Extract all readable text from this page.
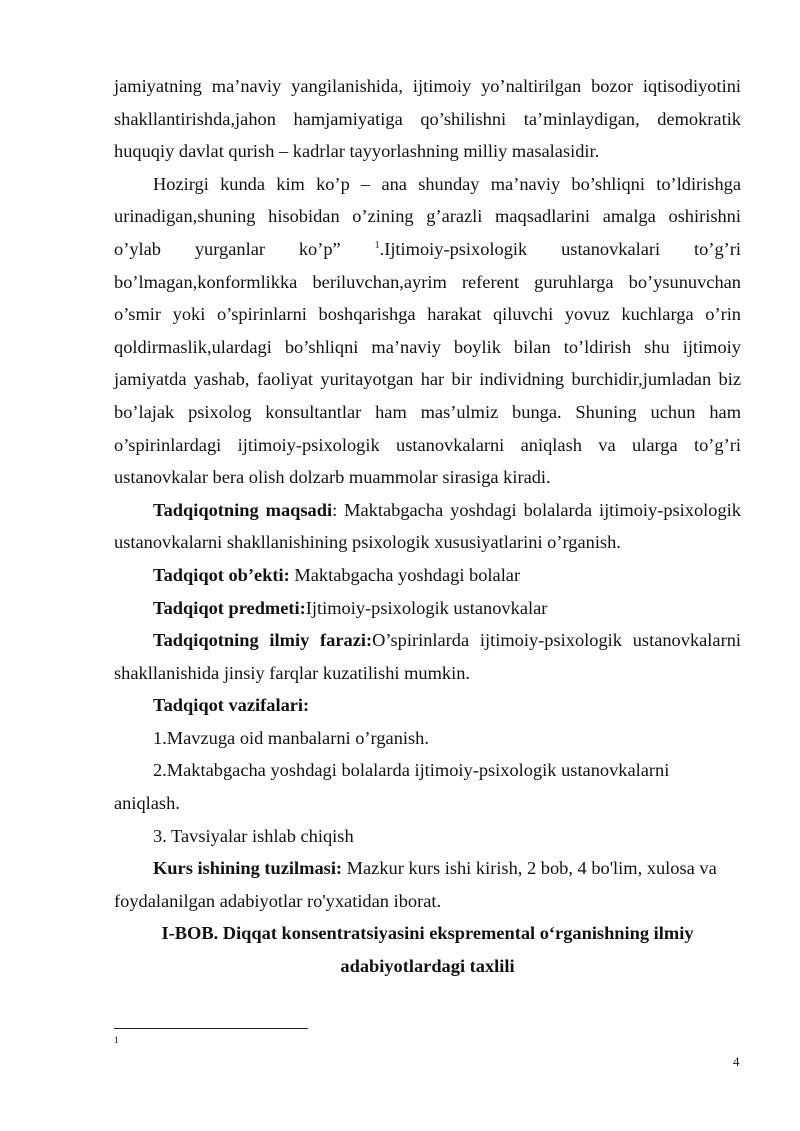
jamiyatning ma’naviy yangilanishida, ijtimoiy yo’naltirilgan bozor iqtisodiyotini shakllantirishda,jahon hamjamiyatiga qo’shilishni ta’minlaydigan, demokratik huquqiy davlat qurish – kadrlar tayyorlashning milliy masalasidir.

Hozirgi kunda kim ko’p – ana shunday ma’naviy bo’shliqni to’ldirishga urinadigan,shuning hisobidan o’zining g’arazli maqsadlarini amalga oshirishni o’ylab yurganlar ko’p”	$^1$.Ijtimoiy-psixologik ustanovkalari to’g’ri bo’lmagan,konformlikka beriluvchan,ayrim referent guruhlarga bo’ysunuvchan o’smir yoki o’spirinlarni boshqarishga harakat qiluvchi yovuz kuchlarga o’rin qoldirmaslik,ulardagi bo’shliqni ma’naviy boylik bilan to’ldirish shu ijtimoiy jamiyatda yashab, faoliyat yuritayotgan har bir individning burchidir,jumladan biz bo’lajak psixolog konsultantlar ham mas’ulmiz bunga. Shuning uchun ham o’spirinlardagi ijtimoiy-psixologik ustanovkalarni aniqlash va ularga to’g’ri ustanovkalar bera olish dolzarb muammolar sirasiga kiradi.

Tadqiqotning maqsadi: Maktabgacha yoshdagi bolalarda ijtimoiy-psixologik ustanovkalarni shakllanishining psixologik xususiyatlarini o’rganish.

Tadqiqot ob’ekti: Maktabgacha yoshdagi bolalar

Tadqiqot predmeti:Ijtimoiy-psixologik ustanovkalar

Tadqiqotning ilmiy farazi:O’spirinlarda ijtimoiy-psixologik ustanovkalarni shakllanishida jinsiy farqlar kuzatilishi mumkin.

Tadqiqot vazifalari:

1.Mavzuga oid manbalarni o’rganish.

2.Maktabgacha yoshdagi bolalarda ijtimoiy-psixologik ustanovkalarni

aniqlash.

3. Tavsiyalar ishlab chiqish

Kurs ishining tuzilmasi: Mazkur kurs ishi kirish, 2 bob, 4 bo'lim, xulosa va foydalanilgan adabiyotlar ro'yxatidan iborat.

I-BOB. Diqqat konsentratsiyasini ekspremental o‘rganishning ilmiy
adabiyotlardagi taxlili
1
4
